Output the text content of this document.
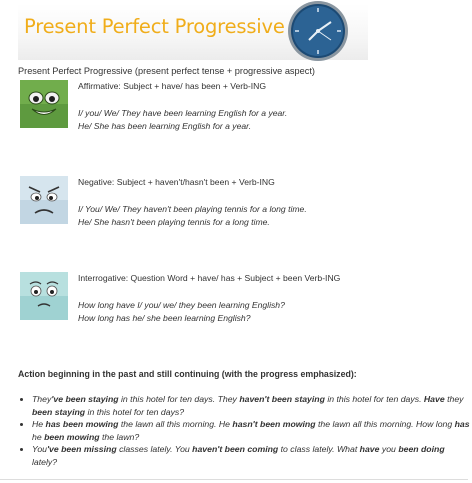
Present Perfect Progressive
Present Perfect Progressive (present perfect tense + progressive aspect)
Affirmative: Subject + have/ has been + Verb-ING
I/ you/ We/ They have been learning English for a year.
He/ She has been learning English for a year.
Negative: Subject + haven't/hasn't been + Verb-ING
I/ You/ We/ They haven't been playing tennis for a long time.
He/ She hasn't been playing tennis for a long time.
Interrogative: Question Word + have/ has + Subject + been Verb-ING
How long have I/ you/ we/ they been learning English?
How long has he/ she been learning English?
Action beginning in the past and still continuing (with the progress emphasized):
• They've been staying in this hotel for ten days. They haven't been staying in this hotel for ten days. Have they been staying in this hotel for ten days?
• He has been mowing the lawn all this morning. He hasn't been mowing the lawn all this morning. How long has he been mowing the lawn?
• You've been missing classes lately. You haven't been coming to class lately. What have you been doing lately?
